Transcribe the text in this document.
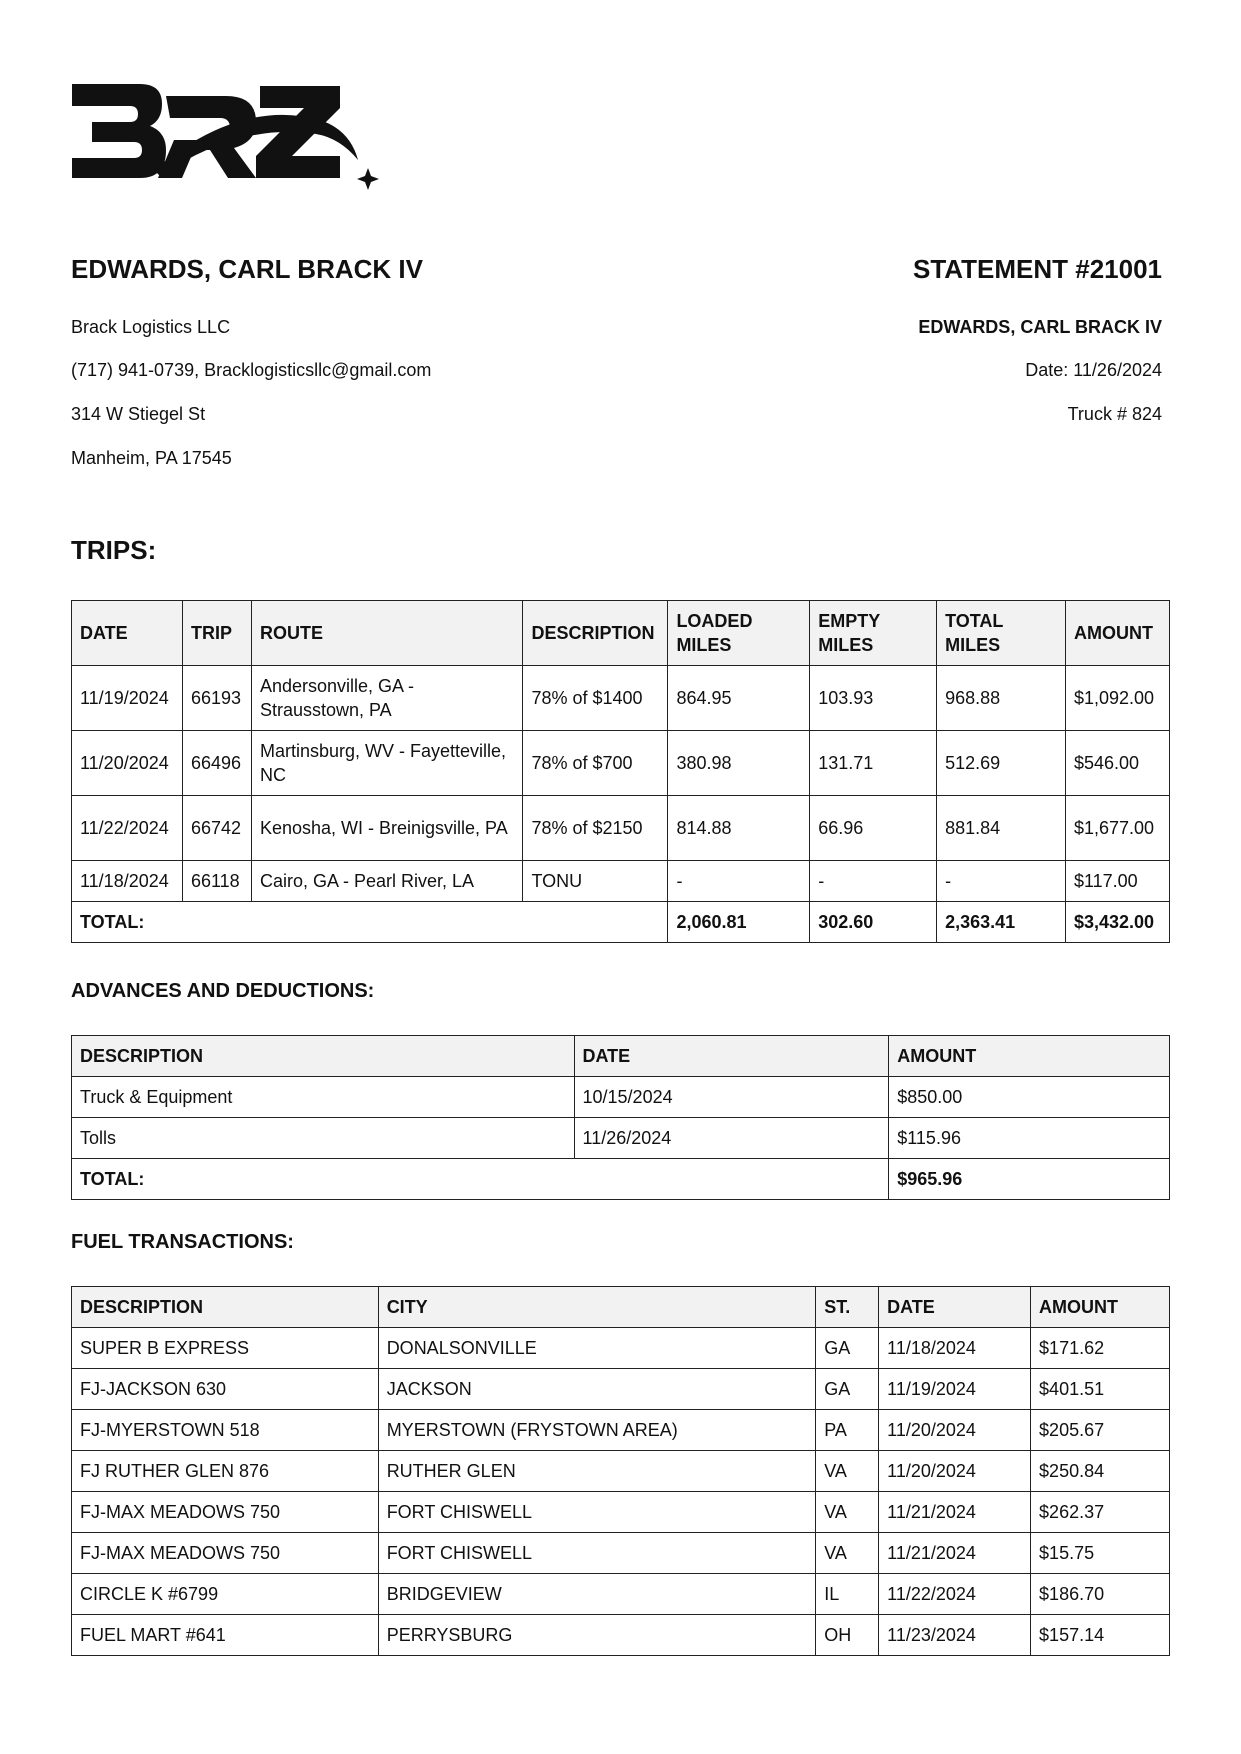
EDWARDS, CARL BRACK IV

Brack Logistics LLC

(717) 941-0739, Bracklogisticsllc@gmail.com

314 W Stiegel St

Manheim, PA 17545

STATEMENT #21001

EDWARDS, CARL BRACK IV

Date: 11/26/2024

Truck # 824

TRIPS:

DATE	TRIP	ROUTE	DESCRIPTION	LOADED MILES	EMPTY MILES	TOTAL MILES	AMOUNT
11/19/2024	66193	Andersonville, GA - Strausstown, PA	78% of $1400	864.95	103.93	968.88	$1,092.00
11/20/2024	66496	Martinsburg, WV - Fayetteville, NC	78% of $700	380.98	131.71	512.69	$546.00
11/22/2024	66742	Kenosha, WI - Breinigsville, PA	78% of $2150	814.88	66.96	881.84	$1,677.00
11/18/2024	66118	Cairo, GA - Pearl River, LA	TONU	-	-	-	$117.00
TOTAL:				2,060.81	302.60	2,363.41	$3,432.00

ADVANCES AND DEDUCTIONS:

DESCRIPTION	DATE	AMOUNT
Truck & Equipment	10/15/2024	$850.00
Tolls	11/26/2024	$115.96
TOTAL:		$965.96

FUEL TRANSACTIONS:

DESCRIPTION	CITY	ST.	DATE	AMOUNT
SUPER B EXPRESS	DONALSONVILLE	GA	11/18/2024	$171.62
FJ-JACKSON 630	JACKSON	GA	11/19/2024	$401.51
FJ-MYERSTOWN 518	MYERSTOWN (FRYSTOWN AREA)	PA	11/20/2024	$205.67
FJ RUTHER GLEN 876	RUTHER GLEN	VA	11/20/2024	$250.84
FJ-MAX MEADOWS 750	FORT CHISWELL	VA	11/21/2024	$262.37
FJ-MAX MEADOWS 750	FORT CHISWELL	VA	11/21/2024	$15.75
CIRCLE K #6799	BRIDGEVIEW	IL	11/22/2024	$186.70
FUEL MART #641	PERRYSBURG	OH	11/23/2024	$157.14
